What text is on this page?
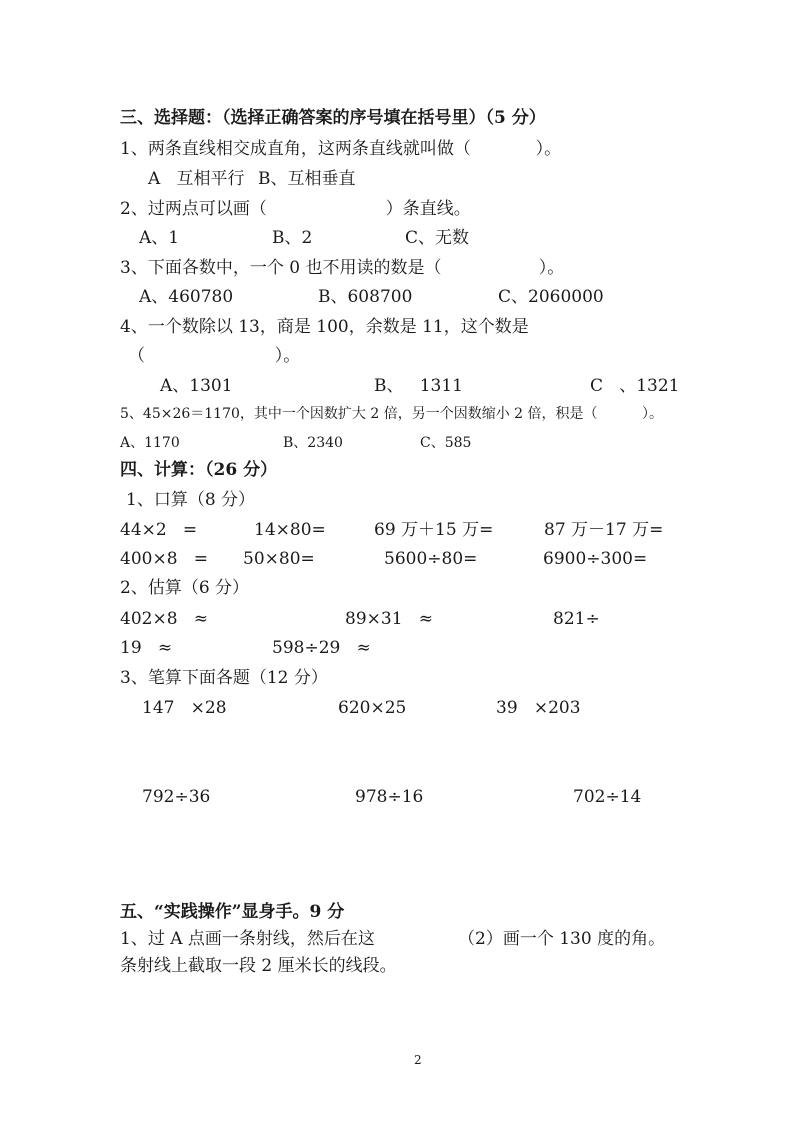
三、选择题：（选择正确答案的序号填在括号里）（5 分）
1、两条直线相交成直角，这两条直线就叫做（            ）。
A   互相平行 B、互相垂直
2、过两点可以画（                      ）条直线。
A、1	B、2	C、无数
3、下面各数中，一个 0 也不用读的数是（                  ）。
A、460780	B、608700	C、2060000
4、一个数除以 13，商是 100，余数是 11，这个数是
（                        ）。
A、1301	B、   1311	C   、1321
5、45×26＝1170，其中一个因数扩大 2 倍，另一个因数缩小 2 倍，积是（          ）。
A、1170	B、2340	C、585
四、计算：（26 分）
1、口算（8 分）
44×2   =	14×80=	69 万＋15 万=	87 万－17 万=
400×8   = 50×80=	5600÷80=	6900÷300=
2、估算（6 分）
402×8   ≈	89×31   ≈	821÷
19   ≈	598÷29   ≈
3、笔算下面各题（12 分）
147   ×28	620×25	39   ×203
792÷36	978÷16	702÷14
五、“实践操作”显身手。9 分
1、过 A 点画一条射线，然后在这
条射线上截取一段 2 厘米长的线段。
（2）画一个 130 度的角。
2
